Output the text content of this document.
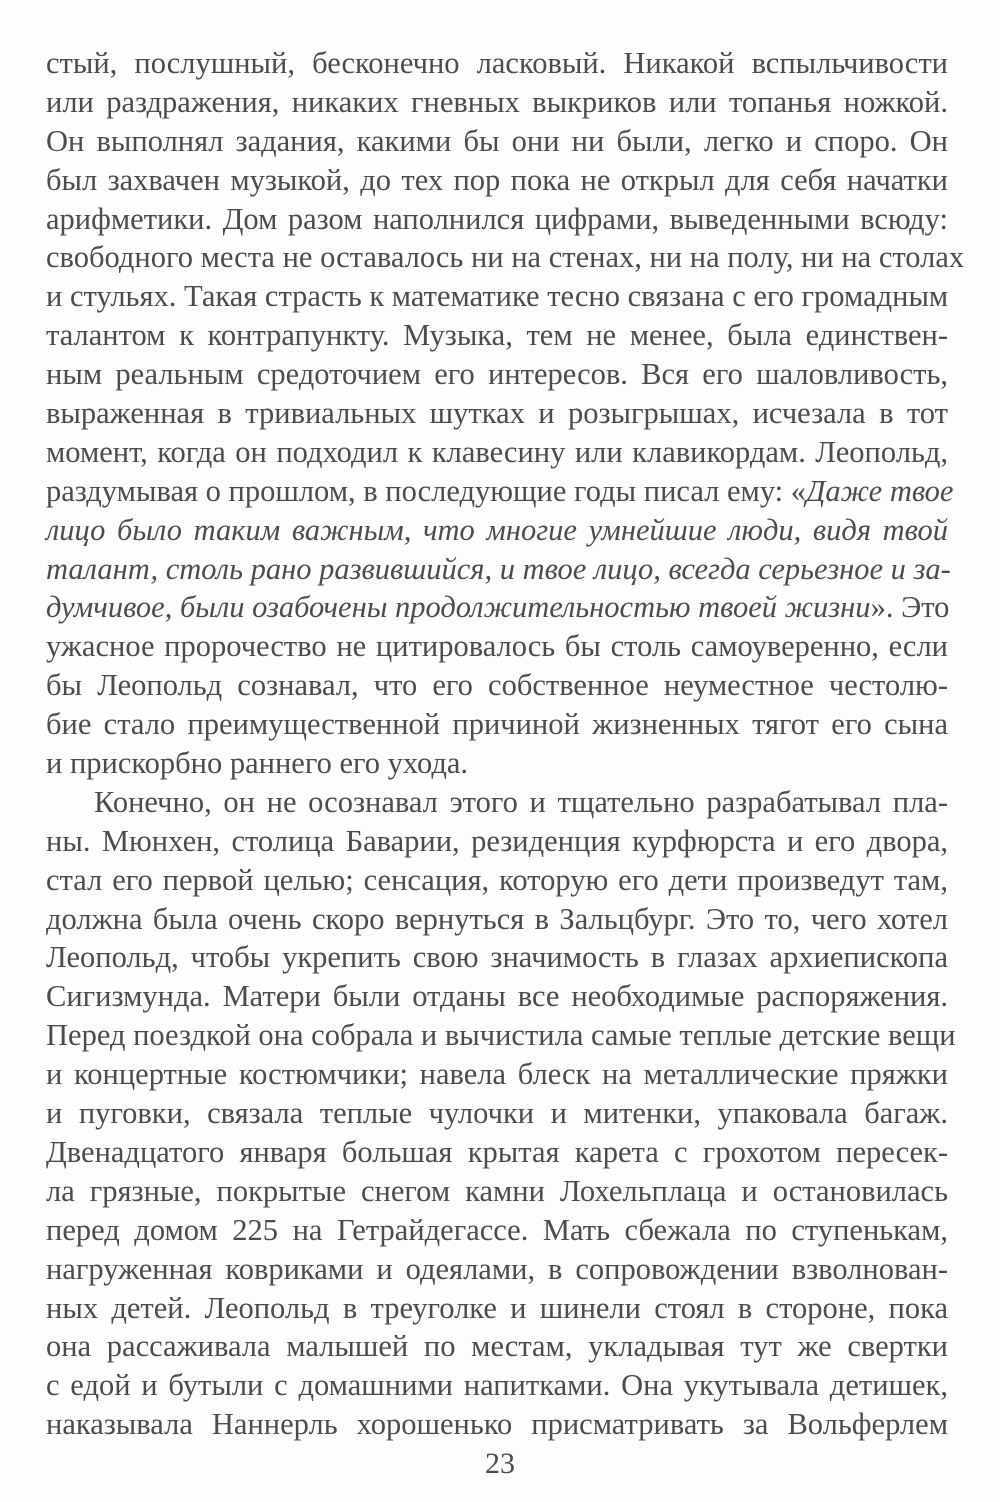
стый, послушный, бесконечно ласковый. Никакой вспыльчивости
или раздражения, никаких гневных выкриков или топанья ножкой.
Он выполнял задания, какими бы они ни были, легко и споро. Он
был захвачен музыкой, до тех пор пока не открыл для себя начатки
арифметики. Дом разом наполнился цифрами, выведенными всюду:
свободного места не оставалось ни на стенах, ни на полу, ни на столах
и стульях. Такая страсть к математике тесно связана с его громадным
талантом к контрапункту. Музыка, тем не менее, была единствен-
ным реальным средоточием его интересов. Вся его шаловливость,
выраженная в тривиальных шутках и розыгрышах, исчезала в тот
момент, когда он подходил к клавесину или клавикордам. Леопольд,
раздумывая о прошлом, в последующие годы писал ему: «Даже твое
лицо было таким важным, что многие умнейшие люди, видя твой
талант, столь рано развившийся, и твое лицо, всегда серьезное и за-
думчивое, были озабочены продолжительностью твоей жизни». Это
ужасное пророчество не цитировалось бы столь самоуверенно, если
бы Леопольд сознавал, что его собственное неуместное честолю-
бие стало преимущественной причиной жизненных тягот его сына
и прискорбно раннего его ухода.
Конечно, он не осознавал этого и тщательно разрабатывал пла-
ны. Мюнхен, столица Баварии, резиденция курфюрста и его двора,
стал его первой целью; сенсация, которую его дети произведут там,
должна была очень скоро вернуться в Зальцбург. Это то, чего хотел
Леопольд, чтобы укрепить свою значимость в глазах архиепископа
Сигизмунда. Матери были отданы все необходимые распоряжения.
Перед поездкой она собрала и вычистила самые теплые детские вещи
и концертные костюмчики; навела блеск на металлические пряжки
и пуговки, связала теплые чулочки и митенки, упаковала багаж.
Двенадцатого января большая крытая карета с грохотом пересек-
ла грязные, покрытые снегом камни Лохельплаца и остановилась
перед домом 225 на Гетрайдегассе. Мать сбежала по ступенькам,
нагруженная ковриками и одеялами, в сопровождении взволнован-
ных детей. Леопольд в треуголке и шинели стоял в стороне, пока
она рассаживала малышей по местам, укладывая тут же свертки
с едой и бутыли с домашними напитками. Она укутывала детишек,
наказывала Наннерль хорошенько присматривать за Вольферлем
23
